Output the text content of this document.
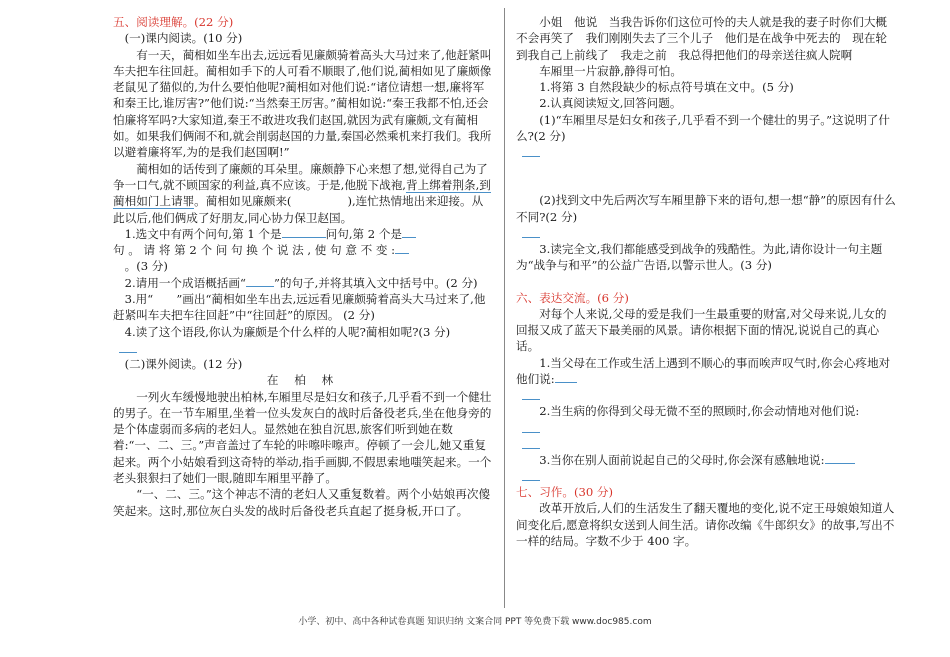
五、阅读理解。(22 分)

(一)课内阅读。(10 分)

有一天，蔺相如坐车出去,远远看见廉颇骑着高头大马过来了,他赶紧叫车夫把车往回赶。蔺相如手下的人可看不顺眼了,他们说,蔺相如见了廉颇像老鼠见了猫似的,为什么要怕他呢?蔺相如对他们说:“诸位请想一想,廉将军和秦王比,谁厉害?”他们说:“当然秦王厉害。”蔺相如说:“秦王我都不怕,还会怕廉将军吗?大家知道,秦王不敢进攻我们赵国,就因为武有廉颇,文有蔺相如。如果我们俩闹不和,就会削弱赵国的力量,秦国必然乘机来打我们。我所以避着廉将军,为的是我们赵国啊!”

蔺相如的话传到了廉颇的耳朵里。廉颇静下心来想了想,觉得自己为了争一口气,就不顾国家的利益,真不应该。于是,他脱下战袍,背上绑着荆条,到蔺相如门上请罪。蔺相如见廉颇来(	),连忙热情地出来迎接。从此以后,他们俩成了好朋友,同心协力保卫赵国。

1.选文中有两个问句,第 1 个是	问句,第 2 个是

句 。 请 将 第 2 个 问 句 换 个 说 法 , 使 句 意 不 变 :

。(3 分)

2.请用一个成语概括画“ ”的句子,并将其填入文中括号中。(2 分)

3.用“　　”画出“蔺相如坐车出去,远远看见廉颇骑着高头大马过来了,他赶紧叫车夫把车往回赶”中“往回赶”的原因。 (2 分)

4.读了这个语段,你认为廉颇是个什么样的人呢?蔺相如呢?(3 分)

(二)课外阅读。(12 分)

在 柏 林

一列火车缓慢地驶出柏林,车厢里尽是妇女和孩子,几乎看不到一个健壮的男子。在一节车厢里,坐着一位头发灰白的战时后备役老兵,坐在他身旁的是个体虚弱而多病的老妇人。显然她在独自沉思,旅客们听到她在数着:“一、二、三。”声音盖过了车轮的咔嚓咔嚓声。停顿了一会儿,她又重复起来。两个小姑娘看到这奇特的举动,指手画脚,不假思索地嗤笑起来。一个老头狠狠扫了她们一眼,随即车厢里平静了。

“一、二、三。”这个神志不清的老妇人又重复数着。两个小姑娘再次傻笑起来。这时,那位灰白头发的战时后备役老兵直起了挺身板,开口了。

小姐　他说　当我告诉你们这位可怜的夫人就是我的妻子时你们大概不会再笑了　我们刚刚失去了三个儿子　他们是在战争中死去的　现在轮到我自己上前线了　我走之前　我总得把他们的母亲送往疯人院啊

车厢里一片寂静,静得可怕。

1.将第 3 自然段缺少的标点符号填在文中。(5 分)

2.认真阅读短文,回答问题。

(1)“车厢里尽是妇女和孩子,几乎看不到一个健壮的男子。”这说明了什么?(2 分)

(2)找到文中先后两次写车厢里静下来的语句,想一想“静”的原因有什么不同?(2 分)

3.读完全文,我们都能感受到战争的残酷性。为此,请你设计一句主题为“战争与和平”的公益广告语,以警示世人。(3 分)

六、表达交流。(6 分)

对每个人来说,父母的爱是我们一生最重要的财富,对父母来说,儿女的回报又成了蓝天下最美丽的风景。请你根据下面的情况,说说自己的真心话。

1.当父母在工作或生活上遇到不顺心的事而唉声叹气时,你会心疼地对他们说:

2.当生病的你得到父母无微不至的照顾时,你会动情地对他们说:

3.当你在别人面前说起自己的父母时,你会深有感触地说:

七、习作。(30 分)

改革开放后,人们的生活发生了翻天覆地的变化,说不定王母娘娘知道人间变化后,愿意将织女送到人间生活。请你改编《牛郎织女》的故事,写出不一样的结局。字数不少于 400 字。

小学、初中、高中各种试卷真题 知识归纳 文案合同 PPT 等免费下载 www.doc985.com
